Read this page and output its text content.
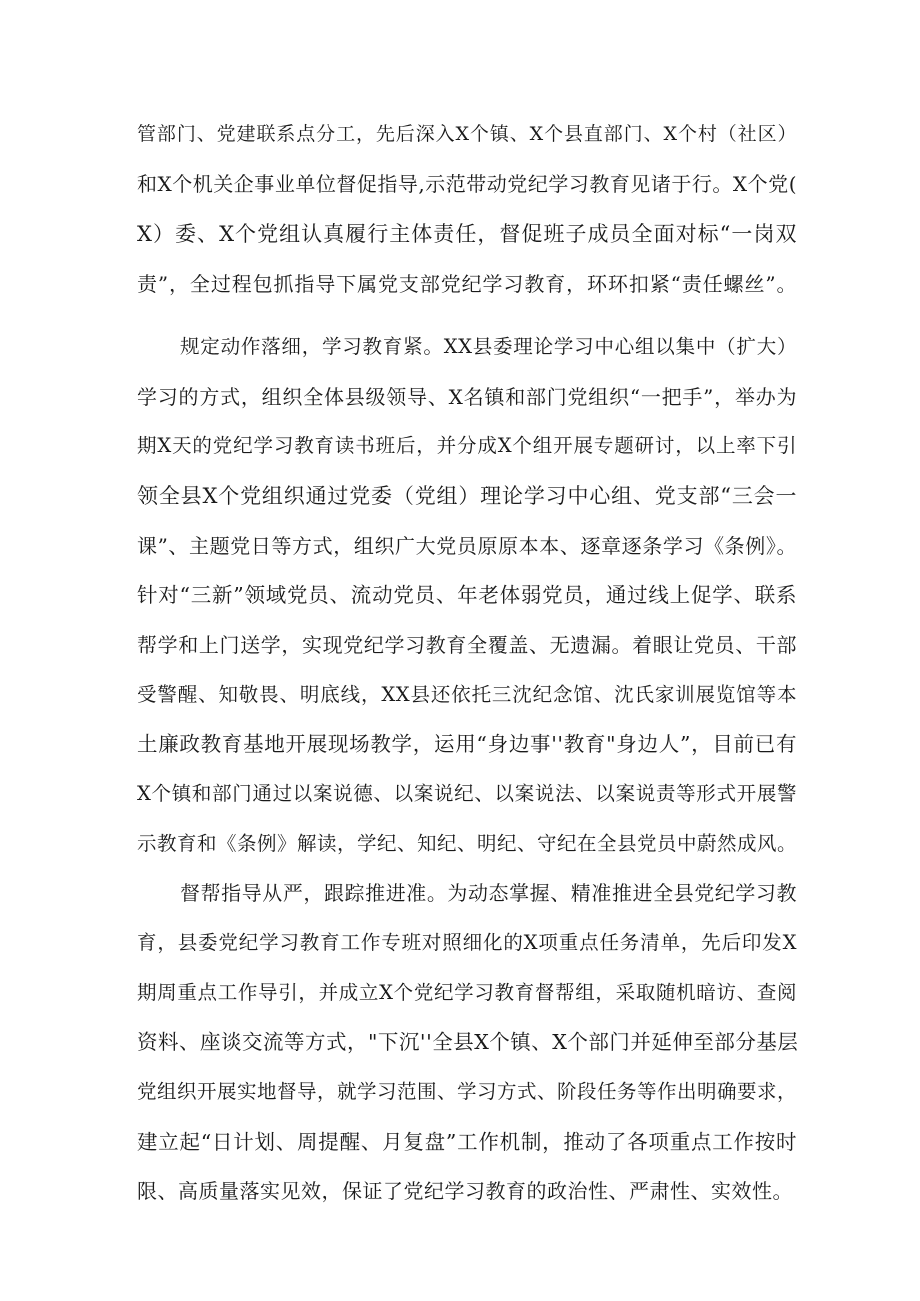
管部门、党建联系点分工，先后深入X个镇、X个县直部门、X个村（社区）
和X个机关企事业单位督促指导,示范带动党纪学习教育见诸于行。X个党(
X）委、X个党组认真履行主体责任，督促班子成员全面对标“一岗双
责”，全过程包抓指导下属党支部党纪学习教育，环环扣紧“责任螺丝”。
规定动作落细，学习教育紧。XX县委理论学习中心组以集中（扩大）
学习的方式，组织全体县级领导、X名镇和部门党组织“一把手”，举办为
期X天的党纪学习教育读书班后，并分成X个组开展专题研讨，以上率下引
领全县X个党组织通过党委（党组）理论学习中心组、党支部“三会一
课”、主题党日等方式，组织广大党员原原本本、逐章逐条学习《条例》。
针对“三新”领域党员、流动党员、年老体弱党员，通过线上促学、联系
帮学和上门送学，实现党纪学习教育全覆盖、无遗漏。着眼让党员、干部
受警醒、知敬畏、明底线，XX县还依托三沈纪念馆、沈氏家训展览馆等本
土廉政教育基地开展现场教学，运用“身边事''教育"身边人”，目前已有
X个镇和部门通过以案说德、以案说纪、以案说法、以案说责等形式开展警
示教育和《条例》解读，学纪、知纪、明纪、守纪在全县党员中蔚然成风。
督帮指导从严，跟踪推进准。为动态掌握、精准推进全县党纪学习教
育，县委党纪学习教育工作专班对照细化的X项重点任务清单，先后印发X
期周重点工作导引，并成立X个党纪学习教育督帮组，采取随机暗访、查阅
资料、座谈交流等方式，"下沉''全县X个镇、X个部门并延伸至部分基层
党组织开展实地督导，就学习范围、学习方式、阶段任务等作出明确要求，
建立起“日计划、周提醒、月复盘”工作机制，推动了各项重点工作按时
限、高质量落实见效，保证了党纪学习教育的政治性、严肃性、实效性。
